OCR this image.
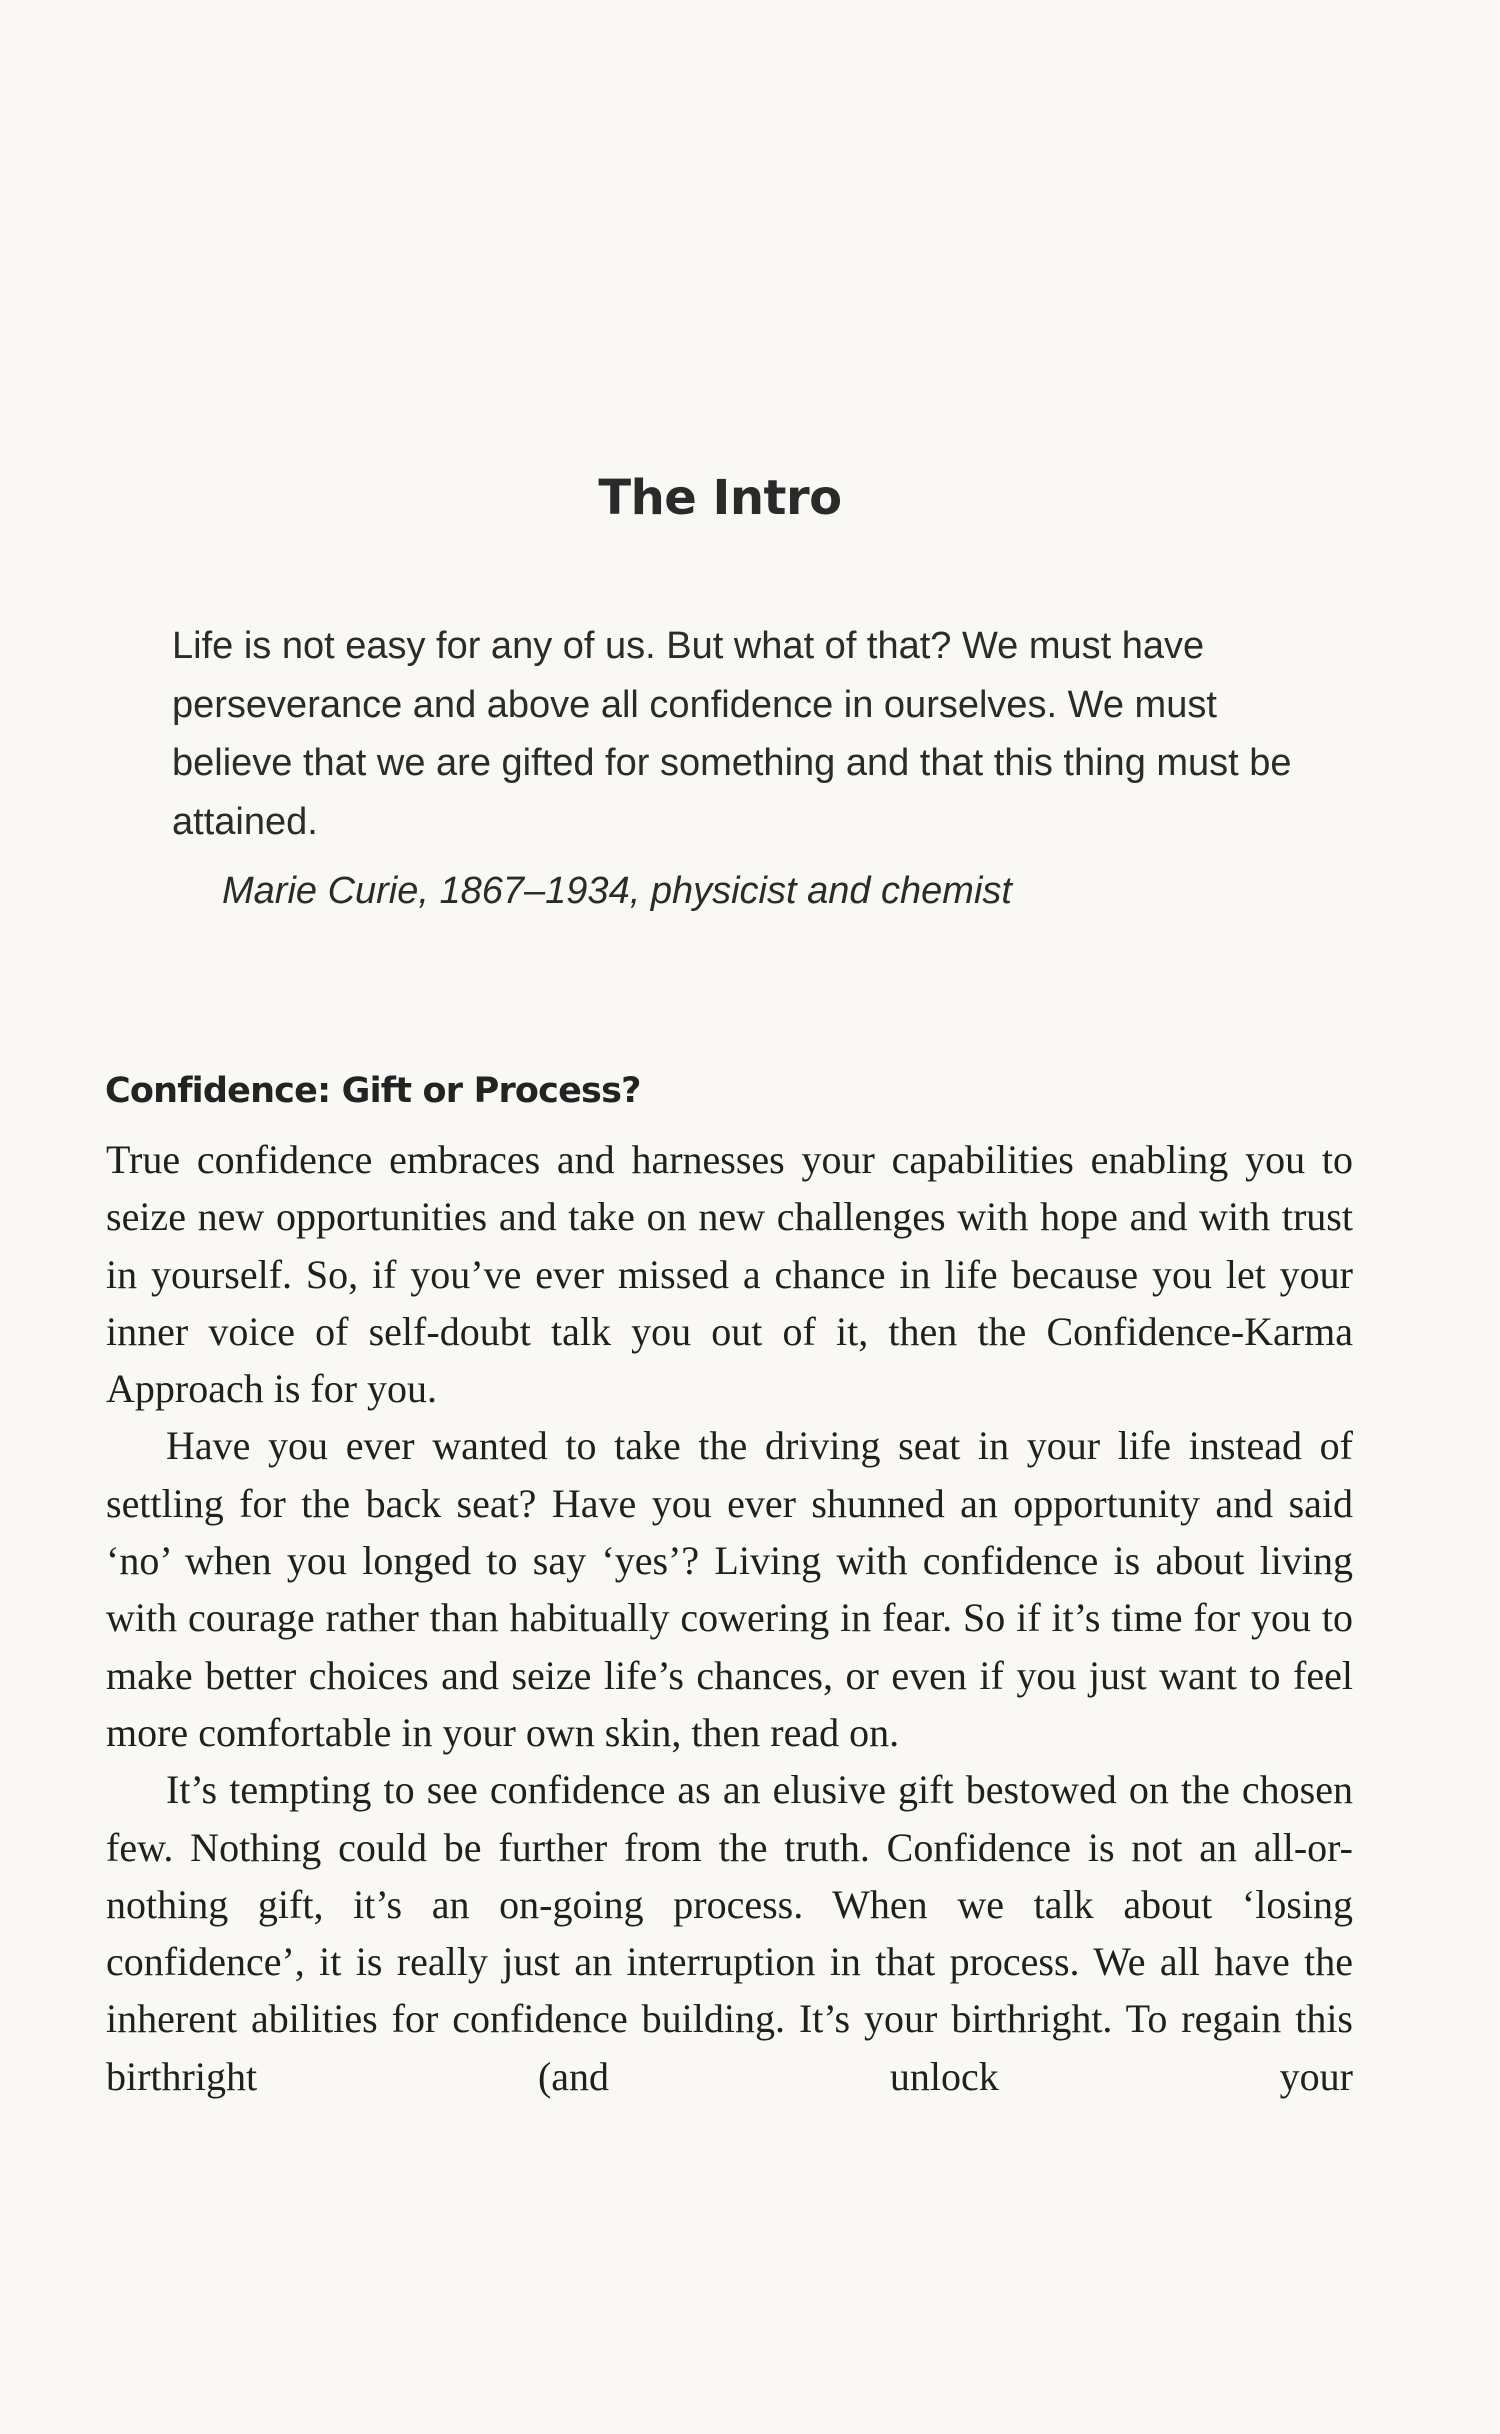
The Intro

Life is not easy for any of us. But what of that? We must have perseverance and above all confidence in ourselves. We must believe that we are gifted for something and that this thing must be attained.

Marie Curie, 1867–1934, physicist and chemist

Confidence: Gift or Process?

True confidence embraces and harnesses your capabilities enabling you to seize new opportunities and take on new challenges with hope and with trust in yourself. So, if you’ve ever missed a chance in life because you let your inner voice of self-doubt talk you out of it, then the Confidence-Karma Approach is for you.

Have you ever wanted to take the driving seat in your life instead of settling for the back seat? Have you ever shunned an opportunity and said ‘no’ when you longed to say ‘yes’? Living with confidence is about living with courage rather than habitually cowering in fear. So if it’s time for you to make better choices and seize life’s chances, or even if you just want to feel more comfortable in your own skin, then read on.

It’s tempting to see confidence as an elusive gift bestowed on the chosen few. Nothing could be further from the truth. Confidence is not an all-or-nothing gift, it’s an on-going process. When we talk about ‘losing confidence’, it is really just an interruption in that process. We all have the inherent abilities for confidence building. It’s your birthright. To regain this birthright (and unlock your
